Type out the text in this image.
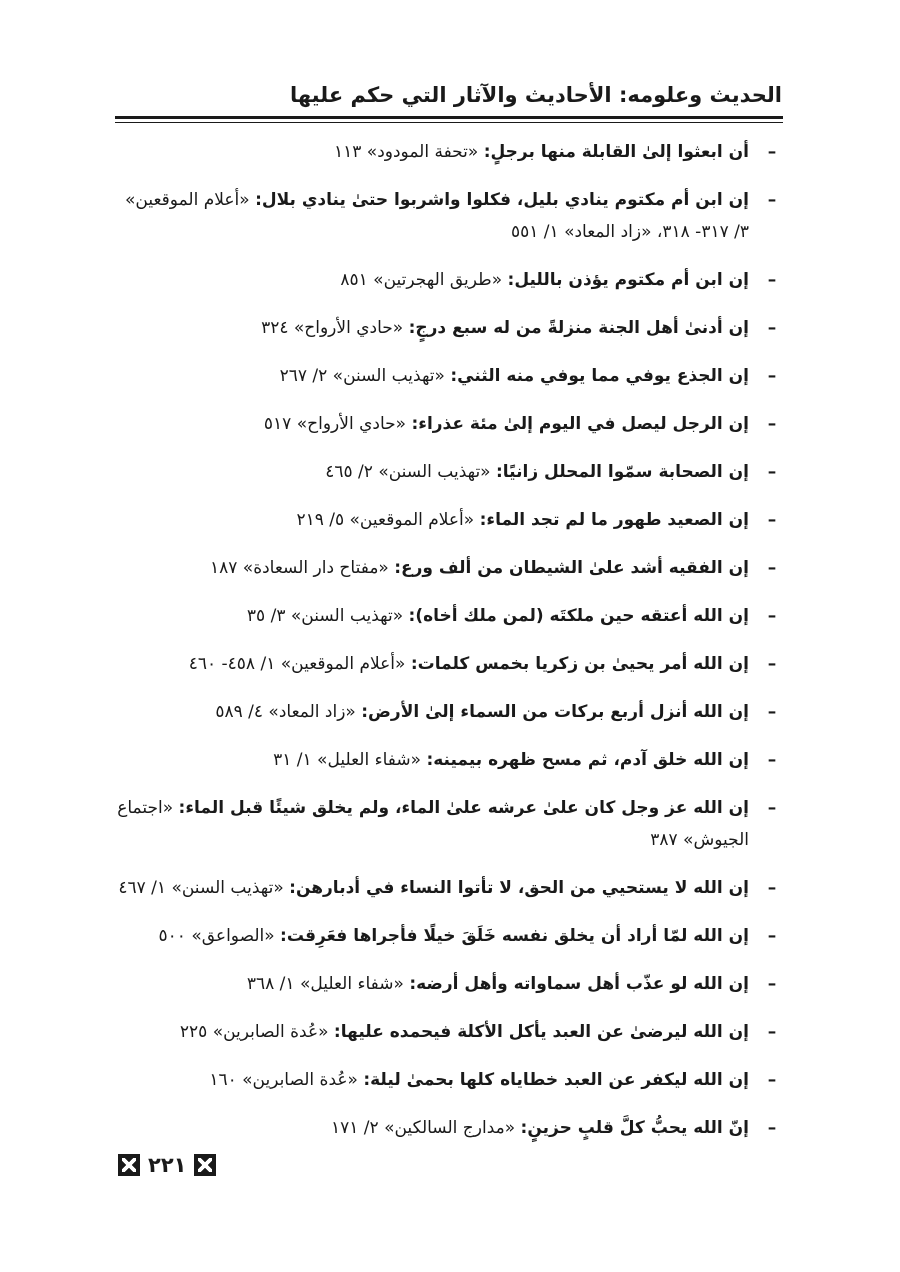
الحديث وعلومه: الأحاديث والآثار التي حكم عليها
–
أن ابعثوا إلىٰ القابلة منها برجلٍ: «تحفة المودود» ١١٣
–
إن ابن أم مكتوم ينادي بليل، فكلوا واشربوا حتىٰ ينادي بلال: «أعلام الموقعين» ٣/ ٣١٧- ٣١٨، «زاد المعاد» ١/ ٥٥١
–
إن ابن أم مكتوم يؤذن بالليل: «طريق الهجرتين» ٨٥١
–
إن أدنىٰ أهل الجنة منزلةً من له سبع درجٍ: «حادي الأرواح» ٣٢٤
–
إن الجذع يوفي مما يوفي منه الثني: «تهذيب السنن» ٢/ ٢٦٧
–
إن الرجل ليصل في اليوم إلىٰ مئة عذراء: «حادي الأرواح» ٥١٧
–
إن الصحابة سمّوا المحلل زانيًا: «تهذيب السنن» ٢/ ٤٦٥
–
إن الصعيد طهور ما لم تجد الماء: «أعلام الموقعين» ٥/ ٢١٩
–
إن الفقيه أشد علىٰ الشيطان من ألف ورع: «مفتاح دار السعادة» ١٨٧
–
إن الله أعتقه حين ملكتَه (لمن ملك أخاه): «تهذيب السنن» ٣/ ٣٥
–
إن الله أمر يحيىٰ بن زكريا بخمس كلمات: «أعلام الموقعين» ١/ ٤٥٨- ٤٦٠
–
إن الله أنزل أربع بركات من السماء إلىٰ الأرض: «زاد المعاد» ٤/ ٥٨٩
–
إن الله خلق آدم، ثم مسح ظهره بيمينه: «شفاء العليل» ١/ ٣١
–
إن الله عز وجل كان علىٰ عرشه علىٰ الماء، ولم يخلق شيئًا قبل الماء: «اجتماع الجيوش» ٣٨٧
–
إن الله لا يستحيي من الحق، لا تأتوا النساء في أدبارهن: «تهذيب السنن» ١/ ٤٦٧
–
إن الله لمّا أراد أن يخلق نفسه خَلَقَ خيلًا فأجراها فعَرِقت: «الصواعق» ٥٠٠
–
إن الله لو عذّب أهل سماواته وأهل أرضه: «شفاء العليل» ١/ ٣٦٨
–
إن الله ليرضىٰ عن العبد يأكل الأكلة فيحمده عليها: «عُدة الصابرين» ٢٢٥
–
إن الله ليكفر عن العبد خطاياه كلها بحمىٰ ليلة: «عُدة الصابرين» ١٦٠
–
إنّ الله يحبُّ كلَّ قلبٍ حزينٍ: «مدارج السالكين» ٢/ ١٧١
٢٢١
